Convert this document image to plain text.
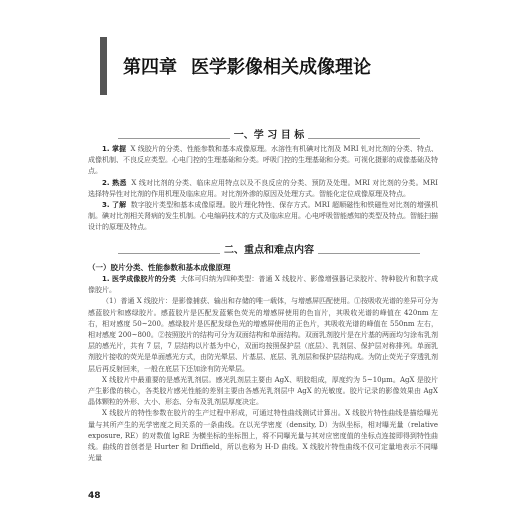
第四章 医学影像相关成像理论
一、学 习 目 标

1. 掌握 X 线胶片的分类、性能参数和基本成像原理。水溶性有机碘对比剂及 MRI 钆对比剂的分类、特点、成像机制、不良反应类型。心电门控的生理基础和分类。呼吸门控的生理基础和分类。可视化摄影的成像基础及特点。

2. 熟悉 X 线对比剂的分类、临床应用特点以及不良反应的分类、预防及处理。MRI 对比剂的分类。MRI 选择特异性对比剂的作用机理及临床应用。对比剂外渗的原因及处理方式。智能化定位成像原理及特点。

3. 了解 数字胶片类型和基本成像原理。胶片理化特性、保存方式。MRI 超顺磁性和铁磁性对比剂的增强机制。碘对比剂相关肾病的发生机制。心电编码技术的方式及临床应用。心电呼吸智能感知的类型及特点。智能扫描设计的原理及特点。

二、重点和难点内容
（一）胶片分类、性能参数和基本成像原理

1. 医学成像胶片的分类 大体可归纳为四种类型：普通 X 线胶片、影像增强器记录胶片、特种胶片和数字成像胶片。

（1）普通 X 线胶片：是影像捕获、输出和存储的唯一载体，与增感屏匹配使用。①按吸收光谱的差异可分为感蓝胶片和感绿胶片。感蓝胶片是匹配发蓝紫色荧光的增感屏使用的色盲片，其吸收光谱的峰值在 420nm 左右，相对感度 50~200。感绿胶片是匹配发绿色光的增感屏使用的正色片，其吸收光谱的峰值在 550nm 左右，相对感度 200~800。②按照胶片的结构可分为双面结构和单面结构。双面乳剂胶片是在片基的两面均匀涂布乳剂层的感光片，共有 7 层，7 层结构以片基为中心，双面均按照保护层（底层）、乳剂层、保护层对称排列。单面乳剂胶片接收的荧光是单面感光方式，由防光晕层、片基层、底层、乳剂层和保护层结构成。为防止荧光子穿透乳剂层后再反射回来，一般在底层下还加涂有防光晕层。

X 线胶片中最重要的是感光乳剂层。感光乳剂层主要由 AgX、明胶组成，厚度约为 5~10μm。AgX 是胶片产生影像的核心，各类胶片感光性能的差别主要由各感光乳剂层中 AgX 的光敏度。胶片记录的影像效果由 AgX 晶体颗粒的外形、大小、形态、分布及乳剂层厚度决定。

X 线胶片的特性参数在胶片的生产过程中形成，可通过特性曲线测试计算出。X 线胶片特性曲线是描绘曝光量与其所产生的光学密度之间关系的一条曲线。在以光学密度（density, D）为纵坐标，相对曝光量（relative exposure, RE）的对数值 lgRE 为横坐标的坐标图上，将不同曝光量与其对应密度值的坐标点连接即得到特性曲线。曲线的首创者是 Hurter 和 Driffield，所以也称为 H-D 曲线。X 线胶片特性曲线不仅可定量地表示不同曝光量

48
